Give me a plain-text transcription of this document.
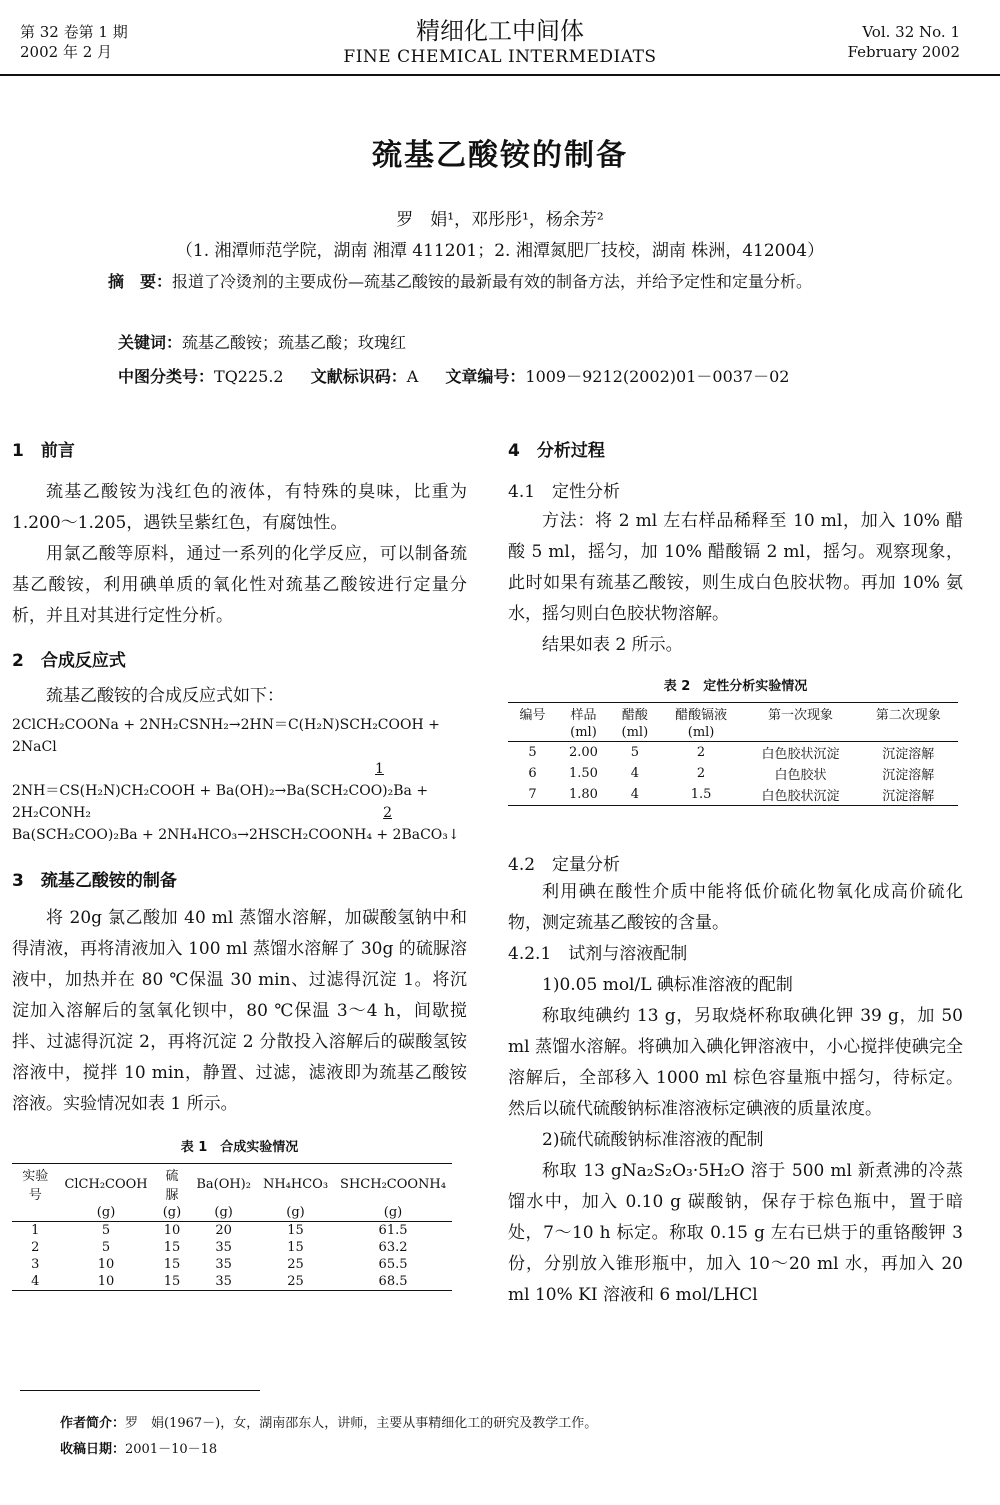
第 32 卷第 1 期
2002 年 2 月
精细化工中间体
FINE CHEMICAL INTERMEDIATS
Vol. 32 No. 1
February 2002
巯基乙酸铵的制备
罗　娟¹，邓彤彤¹，杨余芳²
（1. 湘潭师范学院，湖南 湘潭 411201；2. 湘潭氮肥厂技校，湖南 株洲，412004）
摘　要：报道了冷烫剂的主要成份—巯基乙酸铵的最新最有效的制备方法，并给予定性和定量分析。
关键词：巯基乙酸铵；巯基乙酸；玫瑰红
中图分类号：TQ225.2 文献标识码：A 文章编号：1009－9212(2002)01－0037－02
1　前言

巯基乙酸铵为浅红色的液体，有特殊的臭味，比重为 1.200～1.205，遇铁呈紫红色，有腐蚀性。

用氯乙酸等原料，通过一系列的化学反应，可以制备巯基乙酸铵，利用碘单质的氧化性对巯基乙酸铵进行定量分析，并且对其进行定性分析。

2　合成反应式

巯基乙酸铵的合成反应式如下：

2ClCH₂COONa + 2NH₂CSNH₂→2HN＝C(H₂N)SCH₂COOH + 2NaCl
1
2NH＝CS(H₂N)CH₂COOH + Ba(OH)₂→Ba(SCH₂COO)₂Ba +
2H₂CONH₂	2
Ba(SCH₂COO)₂Ba + 2NH₄HCO₃→2HSCH₂COONH₄ + 2BaCO₃↓
3　巯基乙酸铵的制备

将 20g 氯乙酸加 40 ml 蒸馏水溶解，加碳酸氢钠中和得清液，再将清液加入 100 ml 蒸馏水溶解了 30g 的硫脲溶液中，加热并在 80 ℃保温 30 min、过滤得沉淀 1。将沉淀加入溶解后的氢氧化钡中，80 ℃保温 3～4 h，间歇搅拌、过滤得沉淀 2，再将沉淀 2 分散投入溶解后的碳酸氢铵溶液中，搅拌 10 min，静置、过滤，滤液即为巯基乙酸铵溶液。实验情况如表 1 所示。

表 1　合成实验情况
实验号	ClCH₂COOH	硫脲	Ba(OH)₂	NH₄HCO₃	SHCH₂COONH₄
	(g)	(g)	(g)	(g)	(g)
1	5	10	20	15	61.5
2	5	15	35	15	63.2
3	10	15	35	25	65.5
4	10	15	35	25	68.5
4　分析过程
4.1　定性分析

方法：将 2 ml 左右样品稀释至 10 ml，加入 10% 醋酸 5 ml，摇匀，加 10% 醋酸镉 2 ml，摇匀。观察现象，此时如果有巯基乙酸铵，则生成白色胶状物。再加 10% 氨水，摇匀则白色胶状物溶解。

结果如表 2 所示。

表 2　定性分析实验情况
编号	样品	醋酸	醋酸镉液	第一次现象	第二次现象
	(ml)	(ml)	(ml)		
5	2.00	5	2	白色胶状沉淀	沉淀溶解
6	1.50	4	2	白色胶状	沉淀溶解
7	1.80	4	1.5	白色胶状沉淀	沉淀溶解
4.2　定量分析

利用碘在酸性介质中能将低价硫化物氧化成高价硫化物，测定巯基乙酸铵的含量。

4.2.1　试剂与溶液配制

1)0.05 mol/L 碘标准溶液的配制

称取纯碘约 13 g，另取烧杯称取碘化钾 39 g，加 50 ml 蒸馏水溶解。将碘加入碘化钾溶液中，小心搅拌使碘完全溶解后，全部移入 1000 ml 棕色容量瓶中摇匀，待标定。然后以硫代硫酸钠标准溶液标定碘液的质量浓度。

2)硫代硫酸钠标准溶液的配制

称取 13 gNa₂S₂O₃·5H₂O 溶于 500 ml 新煮沸的冷蒸馏水中，加入 0.10 g 碳酸钠，保存于棕色瓶中，置于暗处，7～10 h 标定。称取 0.15 g 左右已烘于的重铬酸钾 3 份，分别放入锥形瓶中，加入 10～20 ml 水，再加入 20 ml 10% KI 溶液和 6 mol/LHCl

作者简介：罗　娟(1967－)，女，湖南邵东人，讲师，主要从事精细化工的研究及教学工作。
收稿日期：2001－10－18
